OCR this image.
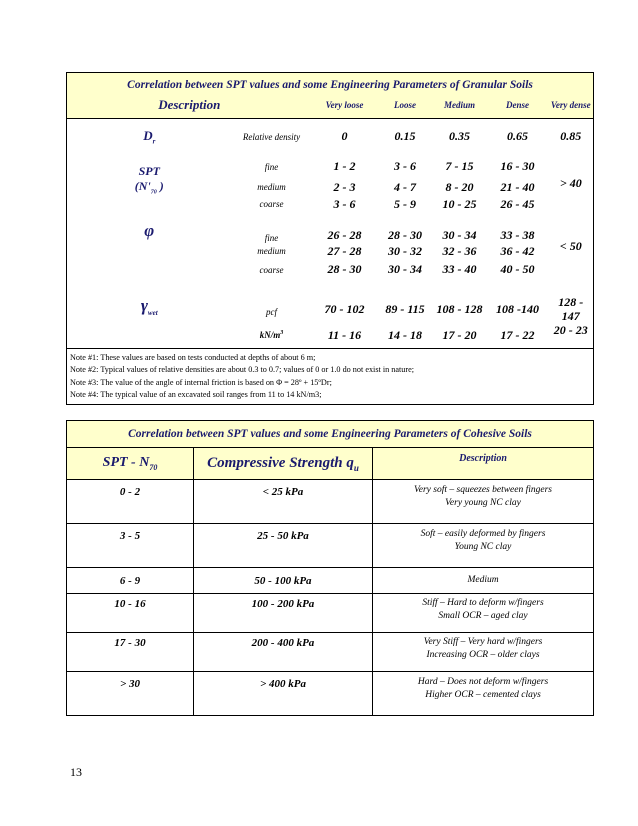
Correlation between SPT values and some Engineering Parameters of Granular Soils						
Description		Very loose	Loose	Medium	Dense	Very dense
$D_r$	Relative density	0	0.15	0.35	0.65	0.85
SPT	fine	1 - 2	3 - 6	7 - 15	16 - 30	> 40
($N'_{70}$ )	medium	2 - 3	4 - 7	8 - 20	21 - 40	
	coarse	3 - 6	5 - 9	10 - 25	26 - 45	
φ	fine	26 - 28	28 - 30	30 - 34	33 - 38	< 50
	medium	27 - 28	30 - 32	32 - 36	36 - 42	
	coarse	28 - 30	30 - 34	33 - 40	40 - 50	
$\gamma_{wet}$	pcf	70 - 102	89 - 115	108 - 128	108 -140	128 - 147
	$kN/m^3$	11 - 16	14 - 18	17 - 20	17 - 22	20 - 23

Note #1: These values are based on tests conducted at depths of about 6 m;
Note #2: Typical values of relative densities are about 0.3 to 0.7; values of 0 or 1.0 do not exist in nature;
Note #3: The value of the angle of internal friction is based on Φ = 28º + 15ºDr;
Note #4: The typical value of an excavated soil ranges from 11 to 14 kN/m3;						
Correlation between SPT values and some Engineering Parameters of Cohesive Soils		
SPT - $N_{70}$	Compressive Strength $q_u$	Description
0 - 2	< 25 kPa	Very soft – squeezes between fingers
Very young NC clay

3 - 5	25 - 50 kPa	Soft – easily deformed by fingers
Young NC clay

6 - 9	50 - 100 kPa	Medium

10 - 16	100 - 200 kPa	Stiff – Hard to deform w/fingers
Small OCR – aged clay

17 - 30	200 - 400 kPa	Very Stiff – Very hard w/fingers
Increasing OCR – older clays

> 30	> 400 kPa	Hard – Does not deform w/fingers
Higher OCR – cemented clays
13
